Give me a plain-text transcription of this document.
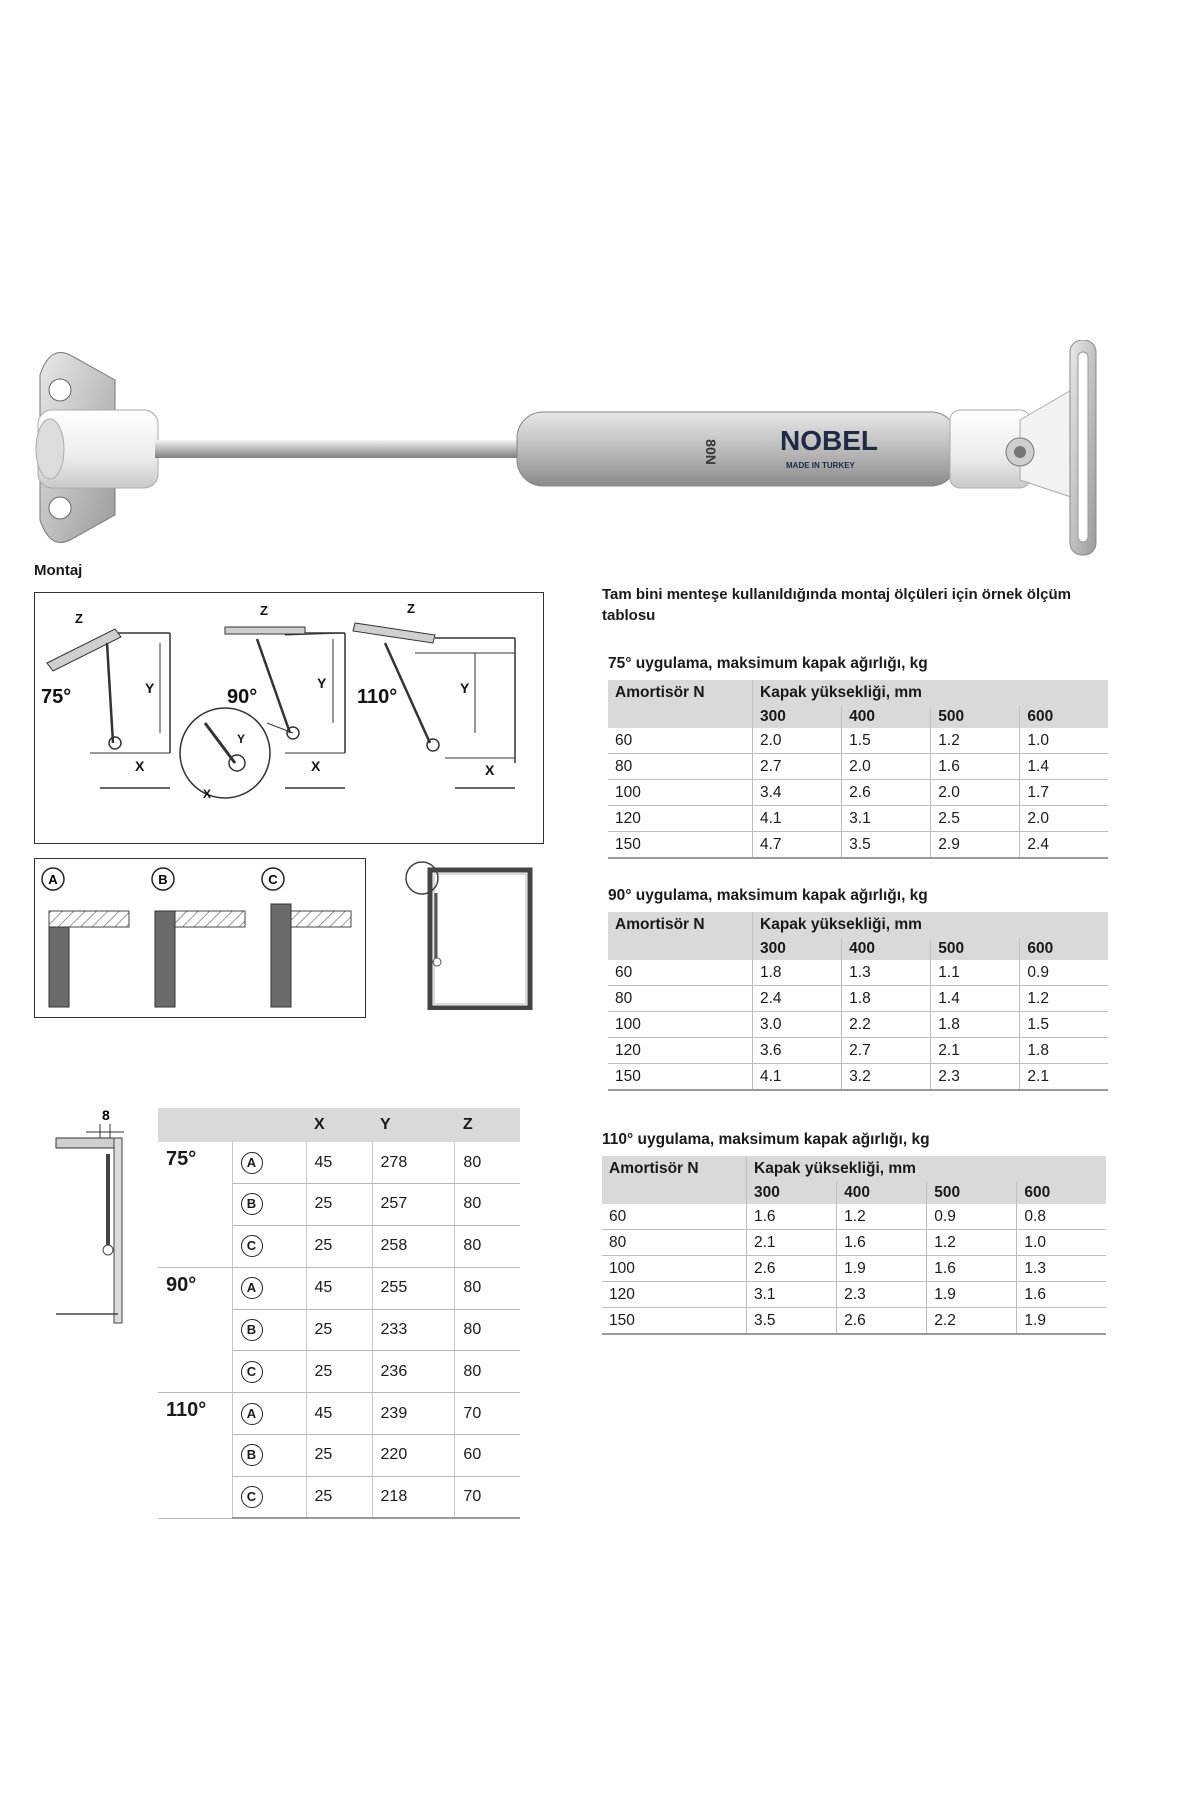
80N NOBEL
MADE IN TURKEY
Montaj
Y
75°
Z
X
Y
90°
Z
X
Y
X
Y
110°
Z
X
A	B	C
8
		X	Y	Z
75°	A	45	278	80
	B	25	257	80
	C	25	258	80
90°	A	45	255	80
	B	25	233	80
	C	25	236	80
110°	A	45	239	70
	B	25	220	60
	C	25	218	70
Tam bini menteşe kullanıldığında montaj ölçüleri için örnek ölçüm tablosu
75° uygulama, maksimum kapak ağırlığı, kg
Amortisör N	Kapak yüksekliği, mm			
	300	400	500	600
60	2.0	1.5	1.2	1.0
80	2.7	2.0	1.6	1.4
100	3.4	2.6	2.0	1.7
120	4.1	3.1	2.5	2.0
150	4.7	3.5	2.9	2.4
90° uygulama, maksimum kapak ağırlığı, kg
Amortisör N	Kapak yüksekliği, mm			
	300	400	500	600
60	1.8	1.3	1.1	0.9
80	2.4	1.8	1.4	1.2
100	3.0	2.2	1.8	1.5
120	3.6	2.7	2.1	1.8
150	4.1	3.2	2.3	2.1
110° uygulama, maksimum kapak ağırlığı, kg
Amortisör N	Kapak yüksekliği, mm			
	300	400	500	600
60	1.6	1.2	0.9	0.8
80	2.1	1.6	1.2	1.0
100	2.6	1.9	1.6	1.3
120	3.1	2.3	1.9	1.6
150	3.5	2.6	2.2	1.9
